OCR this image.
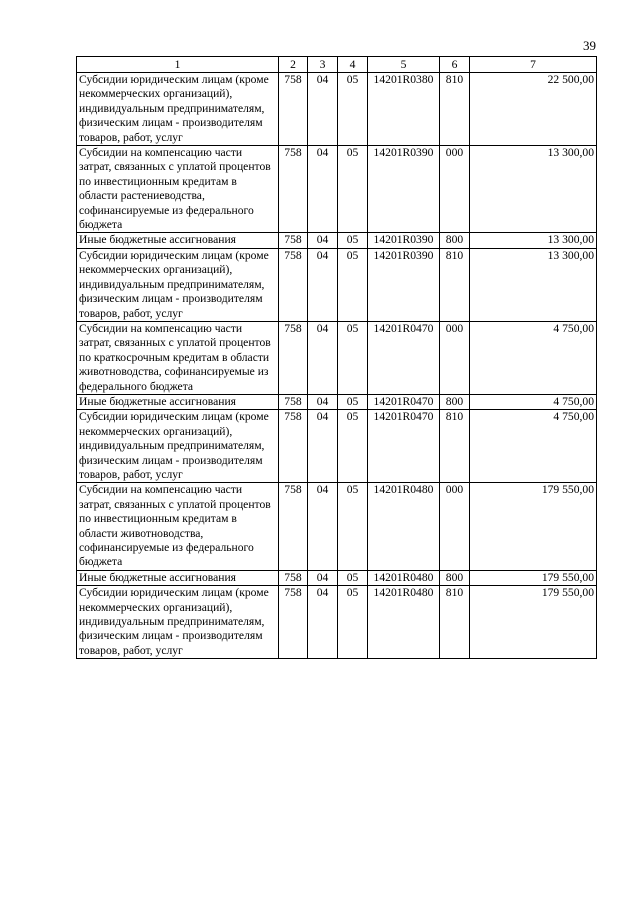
39
1	2	3	4	5	6	7
Субсидии юридическим лицам (кроме некоммерческих организаций), индивидуальным предпринимателям, физическим лицам - производителям товаров, работ, услуг	758	04	05	14201R0380	810	22 500,00
Субсидии на компенсацию части затрат, связанных с уплатой процентов по инвестиционным кредитам в области растениеводства, софинансируемые из федерального бюджета	758	04	05	14201R0390	000	13 300,00
Иные бюджетные ассигнования	758	04	05	14201R0390	800	13 300,00
Субсидии юридическим лицам (кроме некоммерческих организаций), индивидуальным предпринимателям, физическим лицам - производителям товаров, работ, услуг	758	04	05	14201R0390	810	13 300,00
Субсидии на компенсацию части затрат, связанных с уплатой процентов по краткосрочным кредитам в области животноводства, софинансируемые из федерального бюджета	758	04	05	14201R0470	000	4 750,00
Иные бюджетные ассигнования	758	04	05	14201R0470	800	4 750,00
Субсидии юридическим лицам (кроме некоммерческих организаций), индивидуальным предпринимателям, физическим лицам - производителям товаров, работ, услуг	758	04	05	14201R0470	810	4 750,00
Субсидии на компенсацию части затрат, связанных с уплатой процентов по инвестиционным кредитам в области животноводства, софинансируемые из федерального бюджета	758	04	05	14201R0480	000	179 550,00
Иные бюджетные ассигнования	758	04	05	14201R0480	800	179 550,00
Субсидии юридическим лицам (кроме некоммерческих организаций), индивидуальным предпринимателям, физическим лицам - производителям товаров, работ, услуг	758	04	05	14201R0480	810	179 550,00
